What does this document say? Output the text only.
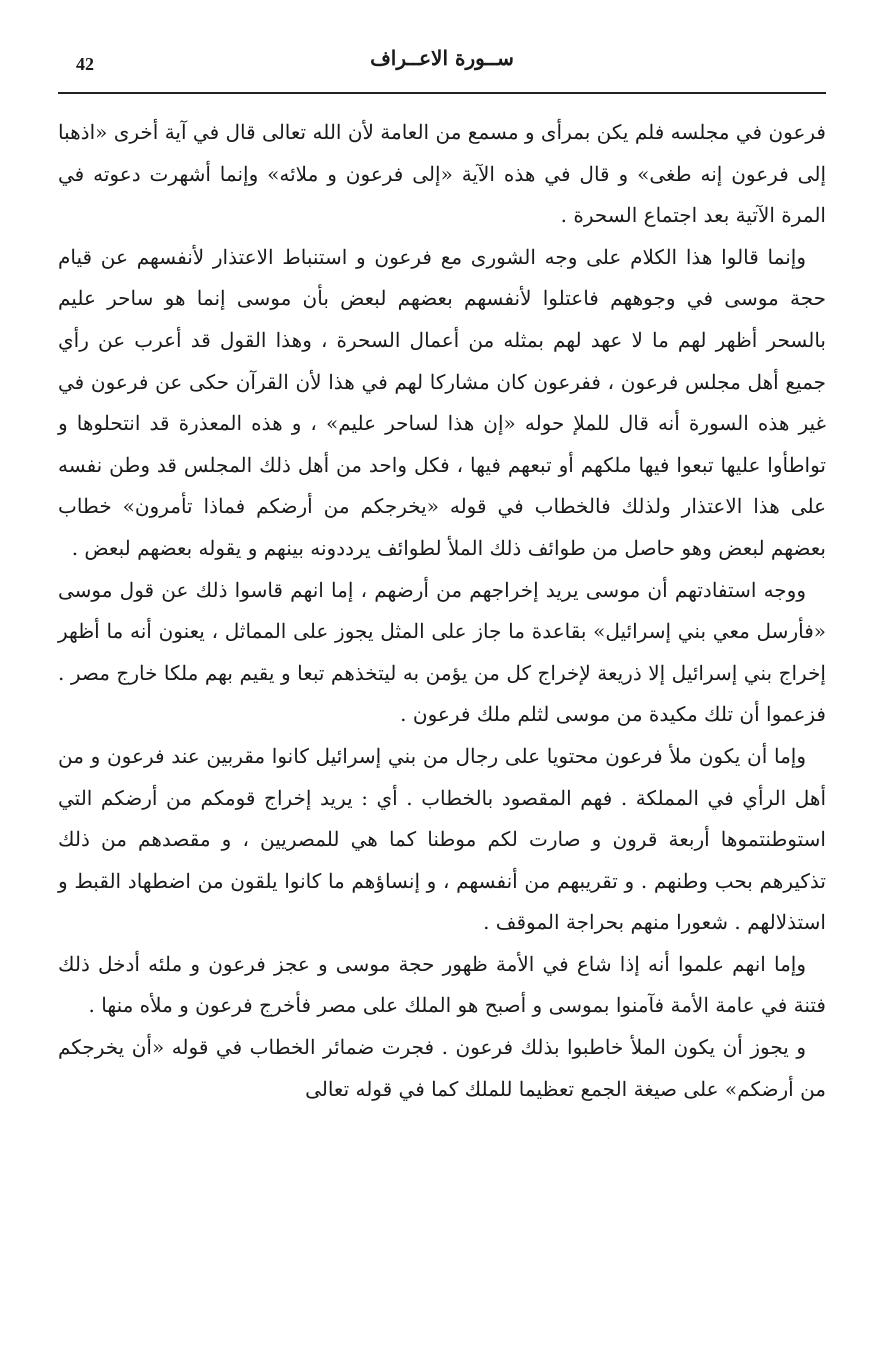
42	ســورة الاعــراف

فرعون في مجلسه فلم يكن بمرأى و مسمع من العامة لأن الله تعالى قال في آية أخرى «اذهبا إلى فرعون إنه طغى» و قال في هذه الآية «إلى فرعون و ملائه» وإنما أشهرت دعوته في المرة الآتية بعد اجتماع السحرة .

وإنما قالوا هذا الكلام على وجه الشورى مع فرعون و استنباط الاعتذار لأنفسهم عن قيام حجة موسى في وجوههم فاعتلوا لأنفسهم بعضهم لبعض بأن موسى إنما هو ساحر عليم بالسحر أظهر لهم ما لا عهد لهم بمثله من أعمال السحرة ، وهذا القول قد أعرب عن رأي جميع أهل مجلس فرعون ، ففرعون كان مشاركا لهم في هذا لأن القرآن حكى عن فرعون في غير هذه السورة أنه قال للملإ حوله «إن هذا لساحر عليم» ، و هذه المعذرة قد انتحلوها و تواطأوا عليها تبعوا فيها ملكهم أو تبعهم فيها ، فكل واحد من أهل ذلك المجلس قد وطن نفسه على هذا الاعتذار ولذلك فالخطاب في قوله «يخرجكم من أرضكم فماذا تأمرون» خطاب بعضهم لبعض وهو حاصل من طوائف ذلك الملأ لطوائف يرددونه بينهم و يقوله بعضهم لبعض .

ووجه استفادتهم أن موسى يريد إخراجهم من أرضهم ، إما انهم قاسوا ذلك عن قول موسى «فأرسل معي بني إسرائيل» بقاعدة ما جاز على المثل يجوز على المماثل ، يعنون أنه ما أظهر إخراج بني إسرائيل إلا ذريعة لإخراج كل من يؤمن به ليتخذهم تبعا و يقيم بهم ملكا خارج مصر . فزعموا أن تلك مكيدة من موسى لثلم ملك فرعون .

وإما أن يكون ملأ فرعون محتويا على رجال من بني إسرائيل كانوا مقربين عند فرعون و من أهل الرأي في المملكة . فهم المقصود بالخطاب . أي : يريد إخراج قومكم من أرضكم التي استوطنتموها أربعة قرون و صارت لكم موطنا كما هي للمصريين ، و مقصدهم من ذلك تذكيرهم بحب وطنهم . و تقريبهم من أنفسهم ، و إنساؤهم ما كانوا يلقون من اضطهاد القبط و استذلالهم . شعورا منهم بحراجة الموقف .

وإما انهم علموا أنه إذا شاع في الأمة ظهور حجة موسى و عجز فرعون و ملئه أدخل ذلك فتنة في عامة الأمة فآمنوا بموسى و أصبح هو الملك على مصر فأخرج فرعون و ملأه منها .

و يجوز أن يكون الملأ خاطبوا بذلك فرعون . فجرت ضمائر الخطاب في قوله «أن يخرجكم من أرضكم» على صيغة الجمع تعظيما للملك كما في قوله تعالى
